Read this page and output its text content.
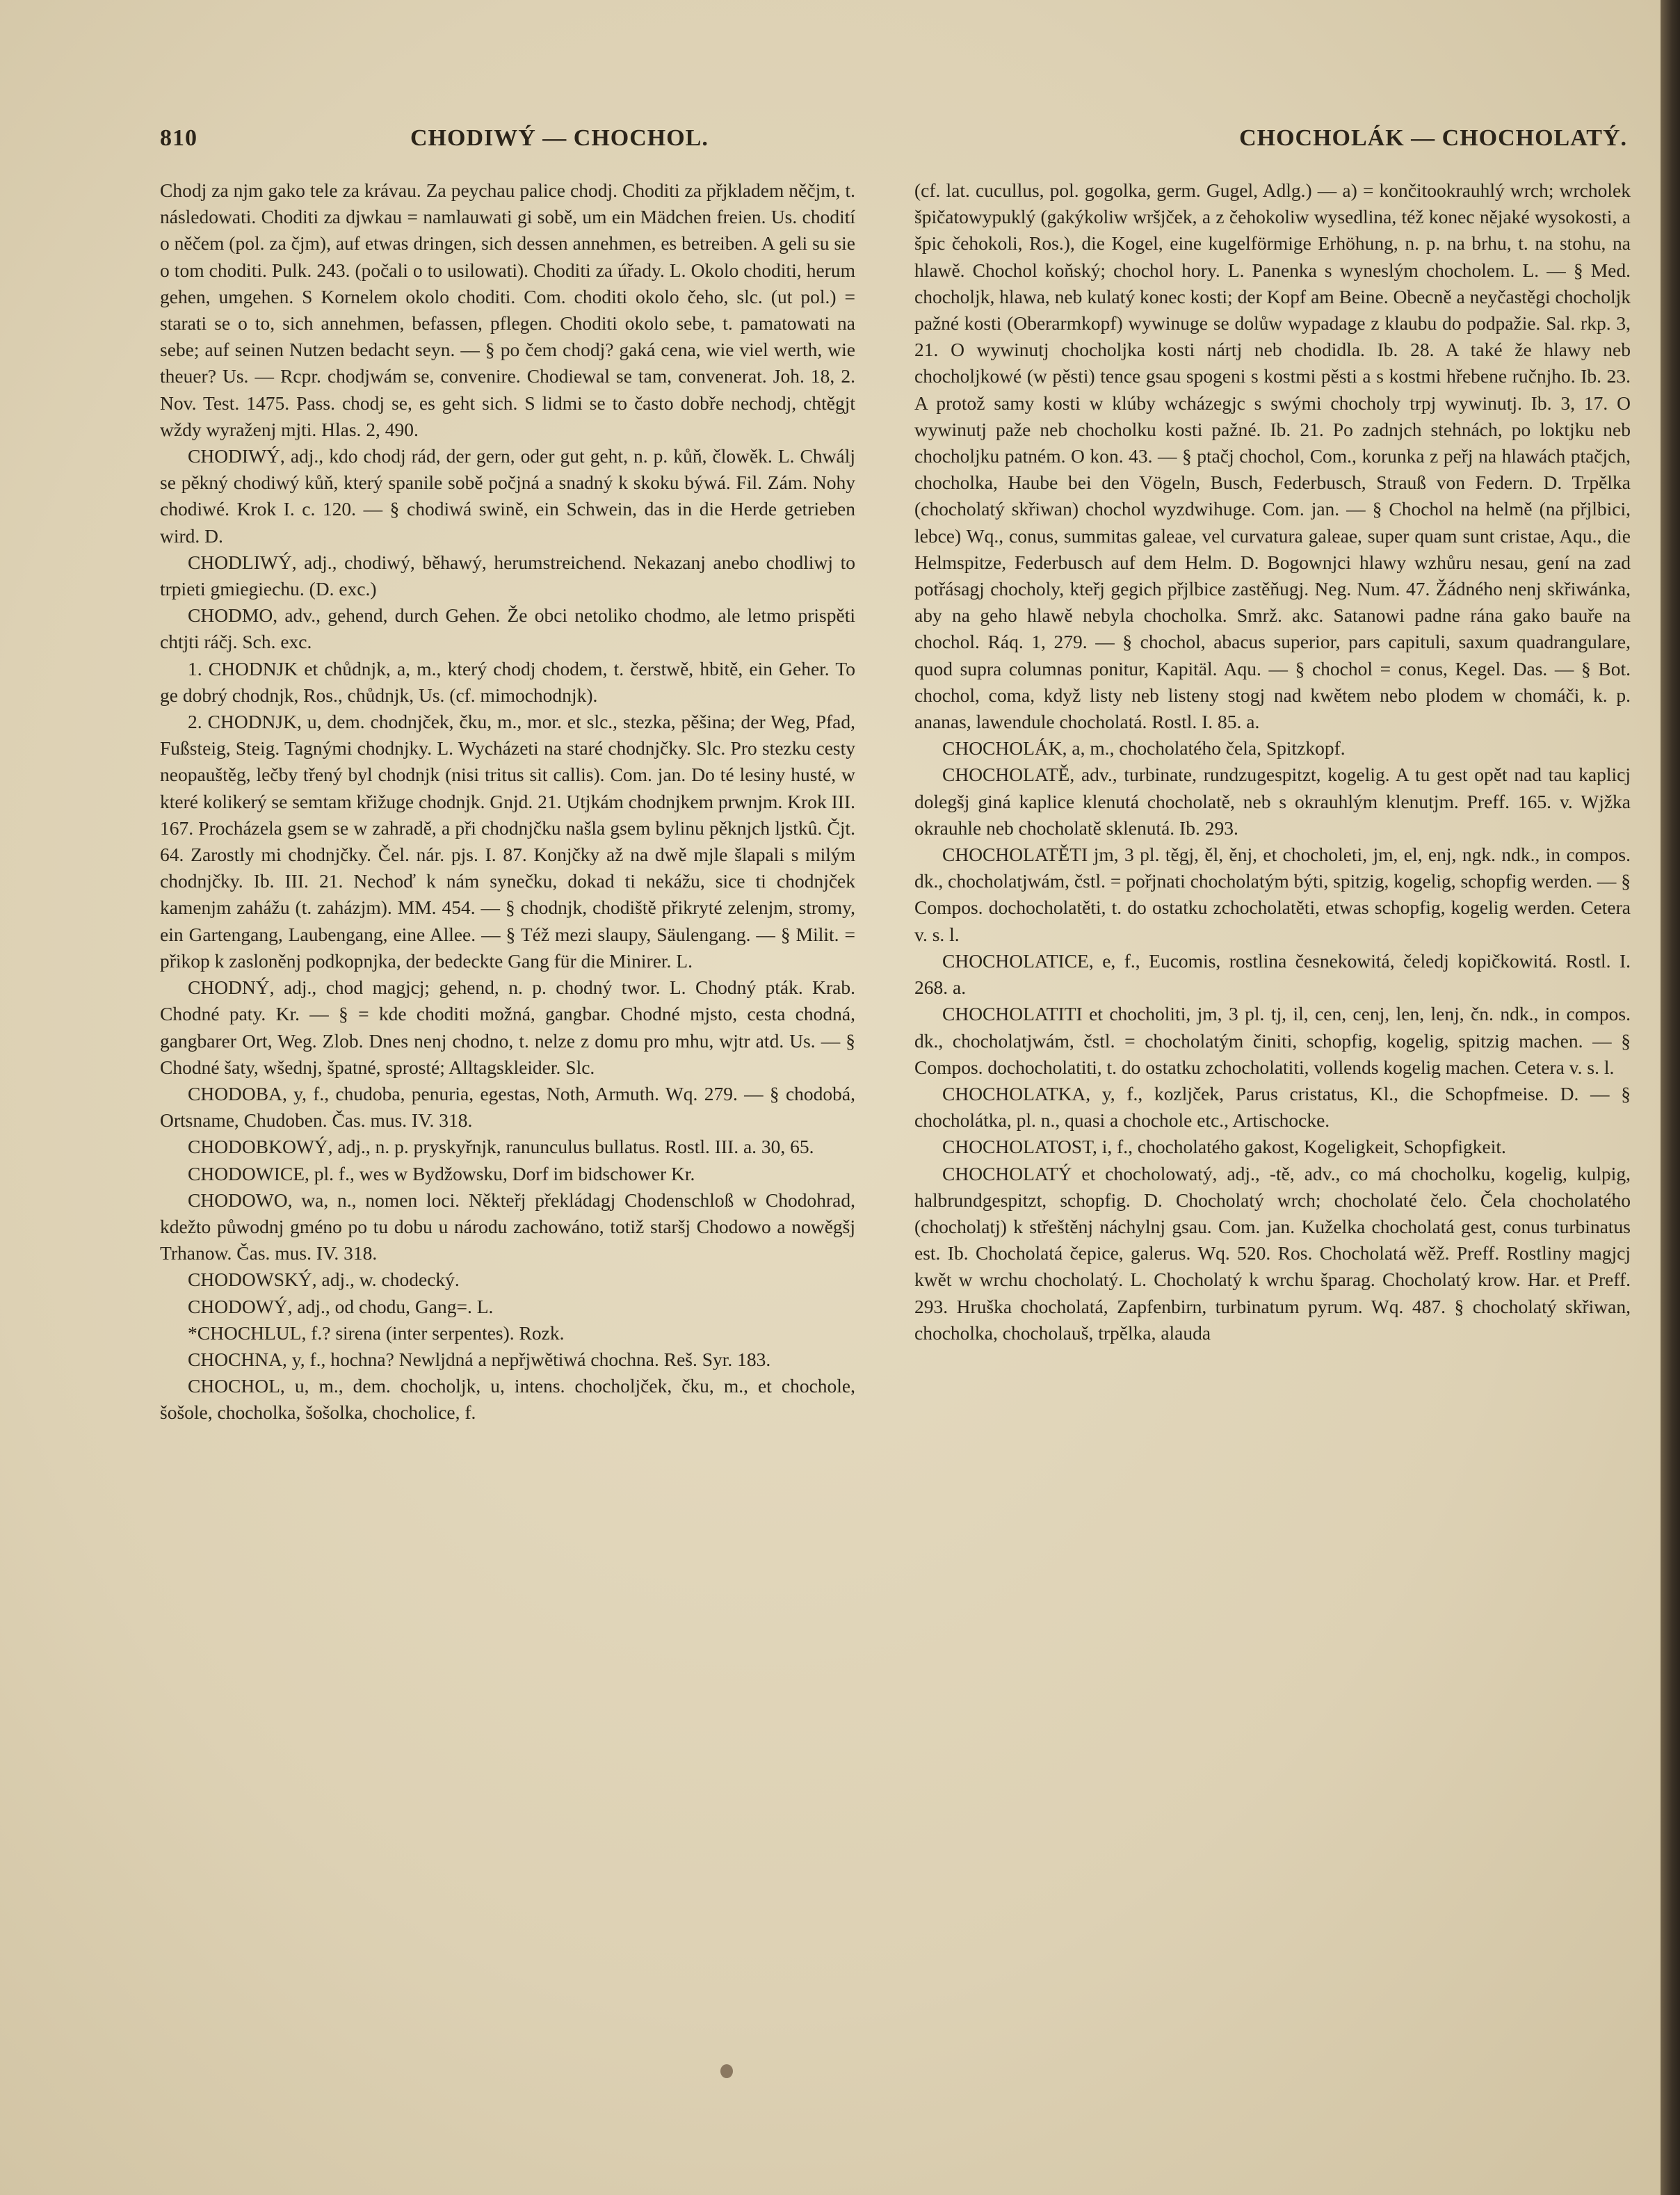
810	CHODIWÝ — CHOCHOL.	CHOCHOLÁK — CHOCHOLATÝ.

Chodj za njm gako tele za krávau. Za peychau palice chodj. Choditi za přjkladem něčjm, t. následowati. Choditi za djwkau = namlauwati gi sobě, um ein Mädchen freien. Us. chodití o něčem (pol. za čjm), auf etwas dringen, sich dessen annehmen, es betreiben. A geli su sie o tom choditi. Pulk. 243. (počali o to usilowati). Choditi za úřady. L. Okolo choditi, herum gehen, umgehen. S Kornelem okolo choditi. Com. choditi okolo čeho, slc. (ut pol.) = starati se o to, sich annehmen, befassen, pflegen. Choditi okolo sebe, t. pamatowati na sebe; auf seinen Nutzen bedacht seyn. — § po čem chodj? gaká cena, wie viel werth, wie theuer? Us. — Rcpr. chodjwám se, convenire. Chodiewal se tam, convenerat. Joh. 18, 2. Nov. Test. 1475. Pass. chodj se, es geht sich. S lidmi se to často dobře nechodj, chtěgjt wždy wyraženj mjti. Hlas. 2, 490.

CHODIWÝ, adj., kdo chodj rád, der gern, oder gut geht, n. p. kůň, člowěk. L. Chwálj se pěkný chodiwý kůň, který spanile sobě počjná a snadný k skoku býwá. Fil. Zám. Nohy chodiwé. Krok I. c. 120. — § chodiwá swině, ein Schwein, das in die Herde getrieben wird. D.

CHODLIWÝ, adj., chodiwý, běhawý, herumstreichend. Nekazanj anebo chodliwj to trpieti gmiegiechu. (D. exc.)

CHODMO, adv., gehend, durch Gehen. Že obci netoliko chodmo, ale letmo prispěti chtjti ráčj. Sch. exc.

1. CHODNJK et chůdnjk, a, m., který chodj chodem, t. čerstwě, hbitě, ein Geher. To ge dobrý chodnjk, Ros., chůdnjk, Us. (cf. mimochodnjk).

2. CHODNJK, u, dem. chodnjček, čku, m., mor. et slc., stezka, pěšina; der Weg, Pfad, Fußsteig, Steig. Tagnými chodnjky. L. Wycházeti na staré chodnjčky. Slc. Pro stezku cesty neopauštěg, lečby třený byl chodnjk (nisi tritus sit callis). Com. jan. Do té lesiny husté, w které kolikerý se semtam křižuge chodnjk. Gnjd. 21. Utjkám chodnjkem prwnjm. Krok III. 167. Procházela gsem se w zahradě, a při chodnjčku našla gsem bylinu pěknjch ljstkû. Čjt. 64. Zarostly mi chodnjčky. Čel. nár. pjs. I. 87. Konjčky až na dwě mjle šlapali s milým chodnjčky. Ib. III. 21. Nechoď k nám synečku, dokad ti nekážu, sice ti chodnjček kamenjm zahážu (t. zaházjm). MM. 454. — § chodnjk, chodiště přikryté zelenjm, stromy, ein Gartengang, Laubengang, eine Allee. — § Též mezi slaupy, Säulengang. — § Milit. = přikop k zasloněnj podkopnjka, der bedeckte Gang für die Minirer. L.

CHODNÝ, adj., chod magjcj; gehend, n. p. chodný twor. L. Chodný pták. Krab. Chodné paty. Kr. — § = kde choditi možná, gangbar. Chodné mjsto, cesta chodná, gangbarer Ort, Weg. Zlob. Dnes nenj chodno, t. nelze z domu pro mhu, wjtr atd. Us. — § Chodné šaty, wšednj, špatné, sprosté; Alltagskleider. Slc.

CHODOBA, y, f., chudoba, penuria, egestas, Noth, Armuth. Wq. 279. — § chodobá, Ortsname, Chudoben. Čas. mus. IV. 318.

CHODOBKOWÝ, adj., n. p. pryskyřnjk, ranunculus bullatus. Rostl. III. a. 30, 65.

CHODOWICE, pl. f., wes w Bydžowsku, Dorf im bidschower Kr.

CHODOWO, wa, n., nomen loci. Někteřj překládagj Chodenschloß w Chodohrad, kdežto půwodnj gméno po tu dobu u národu zachowáno, totiž staršj Chodowo a nowěgšj Trhanow. Čas. mus. IV. 318.

CHODOWSKÝ, adj., w. chodecký.

CHODOWÝ, adj., od chodu, Gang=. L.

*CHOCHLUL, f.? sirena (inter serpentes). Rozk.

CHOCHNA, y, f., hochna? Newljdná a nepřjwětiwá chochna. Reš. Syr. 183.

CHOCHOL, u, m., dem. chocholjk, u, intens. chocholjček, čku, m., et chochole, šošole, chocholka, šošolka, chocholice, f.

(cf. lat. cucullus, pol. gogolka, germ. Gugel, Adlg.) — a) = končitookrauhlý wrch; wrcholek špičatowypuklý (gakýkoliw wršjček, a z čehokoliw wysedlina, též konec nějaké wysokosti, a špic čehokoli, Ros.), die Kogel, eine kugelförmige Erhöhung, n. p. na brhu, t. na stohu, na hlawě. Chochol koňský; chochol hory. L. Panenka s wyneslým chocholem. L. — § Med. chocholjk, hlawa, neb kulatý konec kosti; der Kopf am Beine. Obecně a neyčastěgi chocholjk pažné kosti (Oberarmkopf) wywinuge se dolůw wypadage z klaubu do podpažie. Sal. rkp. 3, 21. O wywinutj chocholjka kosti nártj neb chodidla. Ib. 28. A také že hlawy neb chocholjkowé (w pěsti) tence gsau spogeni s kostmi pěsti a s kostmi hřebene ručnjho. Ib. 23. A protož samy kosti w klúby wcházegjc s swými chocholy trpj wywinutj. Ib. 3, 17. O wywinutj paže neb chocholku kosti pažné. Ib. 21. Po zadnjch stehnách, po loktjku neb chocholjku patném. O kon. 43. — § ptačj chochol, Com., korunka z peřj na hlawách ptačjch, chocholka, Haube bei den Vögeln, Busch, Federbusch, Strauß von Federn. D. Trpělka (chocholatý skřiwan) chochol wyzdwihuge. Com. jan. — § Chochol na helmě (na přjlbici, lebce) Wq., conus, summitas galeae, vel curvatura galeae, super quam sunt cristae, Aqu., die Helmspitze, Federbusch auf dem Helm. D. Bogownjci hlawy wzhůru nesau, gení na zad potřásagj chocholy, kteřj gegich přjlbice zastěňugj. Neg. Num. 47. Žádného nenj skřiwánka, aby na geho hlawě nebyla chocholka. Smrž. akc. Satanowi padne rána gako bauře na chochol. Ráq. 1, 279. — § chochol, abacus superior, pars capituli, saxum quadrangulare, quod supra columnas ponitur, Kapitäl. Aqu. — § chochol = conus, Kegel. Das. — § Bot. chochol, coma, když listy neb listeny stogj nad kwětem nebo plodem w chomáči, k. p. ananas, lawendule chocholatá. Rostl. I. 85. a.

CHOCHOLÁK, a, m., chocholatého čela, Spitzkopf.

CHOCHOLATĚ, adv., turbinate, rundzugespitzt, kogelig. A tu gest opět nad tau kaplicj dolegšj giná kaplice klenutá chocholatě, neb s okrauhlým klenutjm. Preff. 165. v. Wjžka okrauhle neb chocholatě sklenutá. Ib. 293.

CHOCHOLATĚTI jm, 3 pl. těgj, ěl, ěnj, et chocholeti, jm, el, enj, ngk. ndk., in compos. dk., chocholatjwám, čstl. = pořjnati chocholatým býti, spitzig, kogelig, schopfig werden. — § Compos. dochocholatěti, t. do ostatku zchocholatěti, etwas schopfig, kogelig werden. Cetera v. s. l.

CHOCHOLATICE, e, f., Eucomis, rostlina česnekowitá, čeledj kopičkowitá. Rostl. I. 268. a.

CHOCHOLATITI et chocholiti, jm, 3 pl. tj, il, cen, cenj, len, lenj, čn. ndk., in compos. dk., chocholatjwám, čstl. = chocholatým činiti, schopfig, kogelig, spitzig machen. — § Compos. dochocholatiti, t. do ostatku zchocholatiti, vollends kogelig machen. Cetera v. s. l.

CHOCHOLATKA, y, f., kozljček, Parus cristatus, Kl., die Schopfmeise. D. — § chocholátka, pl. n., quasi a chochole etc., Artischocke.

CHOCHOLATOST, i, f., chocholatého gakost, Kogeligkeit, Schopfigkeit.

CHOCHOLATÝ et chocholowatý, adj., -tě, adv., co má chocholku, kogelig, kulpig, halbrundgespitzt, schopfig. D. Chocholatý wrch; chocholaté čelo. Čela chocholatého (chocholatj) k střeštěnj náchylnj gsau. Com. jan. Kuželka chocholatá gest, conus turbinatus est. Ib. Chocholatá čepice, galerus. Wq. 520. Ros. Chocholatá wěž. Preff. Rostliny magjcj kwět w wrchu chocholatý. L. Chocholatý k wrchu šparag. Chocholatý krow. Har. et Preff. 293. Hruška chocholatá, Zapfenbirn, turbinatum pyrum. Wq. 487. § chocholatý skřiwan, chocholka, chocholauš, trpělka, alauda
